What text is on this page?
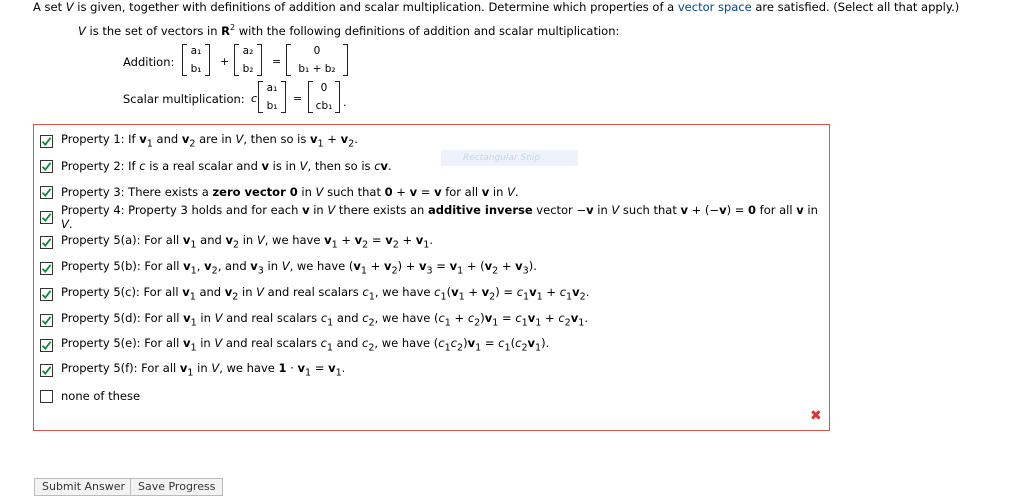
A set V is given, together with definitions of addition and scalar multiplication. Determine which properties of a vector space are satisfied. (Select all that apply.)
V is the set of vectors in $R^2$ with the following definitions of addition and scalar multiplication:
Addition:
a₁
b₁
+
a₂
b₂
=
0
b₁ + b₂
Scalar multiplication: c
a₁
b₁
=
0
cb₁ .
Rectangular Snip
Property 1: If $v_1$ and $v_2$ are in V, then so is $v_1 + v_2$.
Property 2: If c is a real scalar and v is in V, then so is cv.
Property 3: There exists a zero vector 0 in V such that 0 + v = v for all v in V.
Property 4: Property 3 holds and for each v in V there exists an additive inverse vector −v in V such that v + (−v) = 0 for all v in V.
Property 5(a): For all $v_1$ and $v_2$ in V, we have $v_1 + v_2 = v_2 + v_1$.
Property 5(b): For all $v_1$, $v_2$, and $v_3$ in V, we have $(v_1 + v_2) + v_3 = v_1 + (v_2 + v_3)$.
Property 5(c): For all $v_1$ and $v_2$ in V and real scalars $c_1$, we have $c_1(v_1 + v_2) = c_1v_1 + c_1v_2$.
Property 5(d): For all $v_1$ in V and real scalars $c_1$ and $c_2$, we have $(c_1 + c_2)v_1 = c_1v_1 + c_2v_1$.
Property 5(e): For all $v_1$ in V and real scalars $c_1$ and $c_2$, we have $(c_1c_2)v_1 = c_1(c_2v_1)$.
Property 5(f): For all $v_1$ in V, we have $1 \cdot v_1 = v_1$.
none of these
✖
Submit Answer	Save Progress
